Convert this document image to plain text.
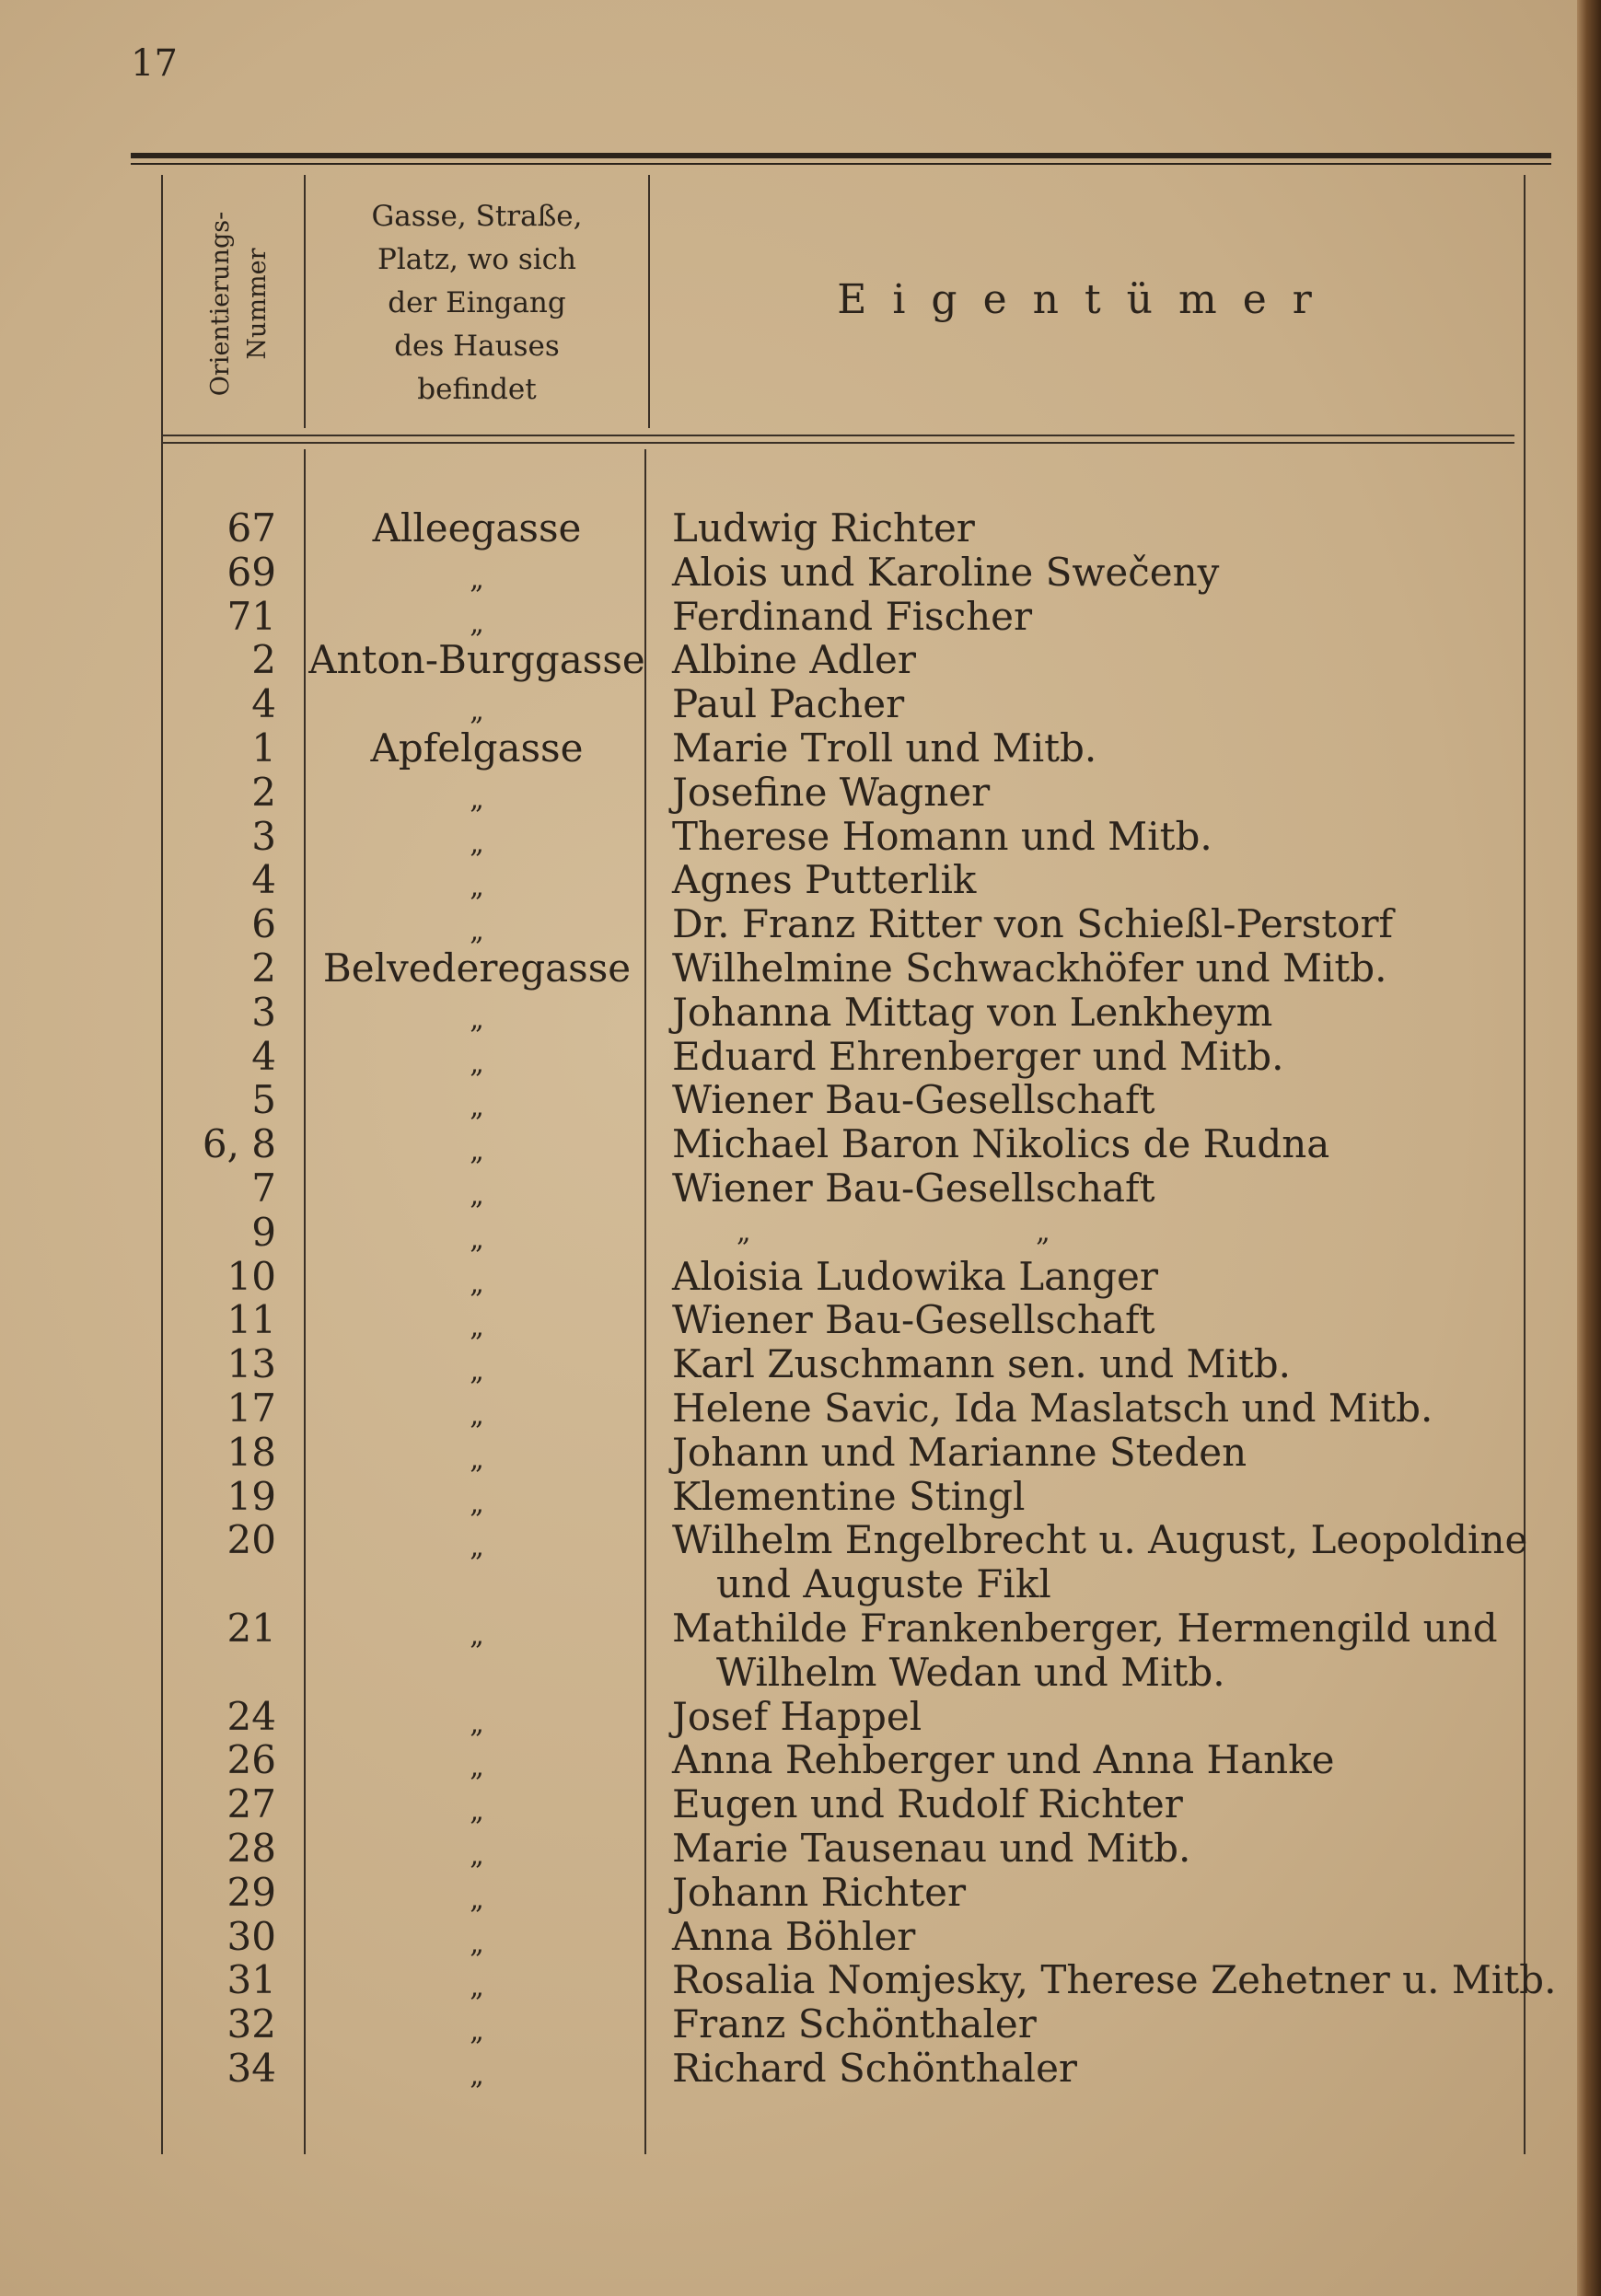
17
Orientierungs- Nummer
Gasse, Straße,
Platz, wo sich
der Eingang
des Hauses
befindet
Eigentümer
67	Alleegasse	Ludwig Richter
69	„	Alois und Karoline Swečeny
71	„	Ferdinand Fischer
2 Anton-Burggasse Albine Adler
4	„	Paul Pacher
1	Apfelgasse	Marie Troll und Mitb.
2	„	Josefine Wagner
3	„	Therese Homann und Mitb.
4	„	Agnes Putterlik
6	„	Dr. Franz Ritter von Schießl-Perstorf
2	Belvederegasse	Wilhelmine Schwackhöfer und Mitb.
3	„	Johanna Mittag von Lenkheym
4	„	Eduard Ehrenberger und Mitb.
5	„	Wiener Bau-Gesellschaft
6, 8	„	Michael Baron Nikolics de Rudna
7	„	Wiener Bau-Gesellschaft
9	„	„ „
10	„	Aloisia Ludowika Langer
11	„	Wiener Bau-Gesellschaft
13	„	Karl Zuschmann sen. und Mitb.
17	„	Helene Savic, Ida Maslatsch und Mitb.
18	„	Johann und Marianne Steden
19	„	Klementine Stingl
20	„	Wilhelm Engelbrecht u. August, Leopoldine
und Auguste Fikl
21	„	Mathilde Frankenberger, Hermengild und
Wilhelm Wedan und Mitb.
24	„	Josef Happel
26	„	Anna Rehberger und Anna Hanke
27	„	Eugen und Rudolf Richter
28	„	Marie Tausenau und Mitb.
29	„	Johann Richter
30	„	Anna Böhler
31	„	Rosalia Nomjesky, Therese Zehetner u. Mitb.
32	„	Franz Schönthaler
34	„	Richard Schönthaler
